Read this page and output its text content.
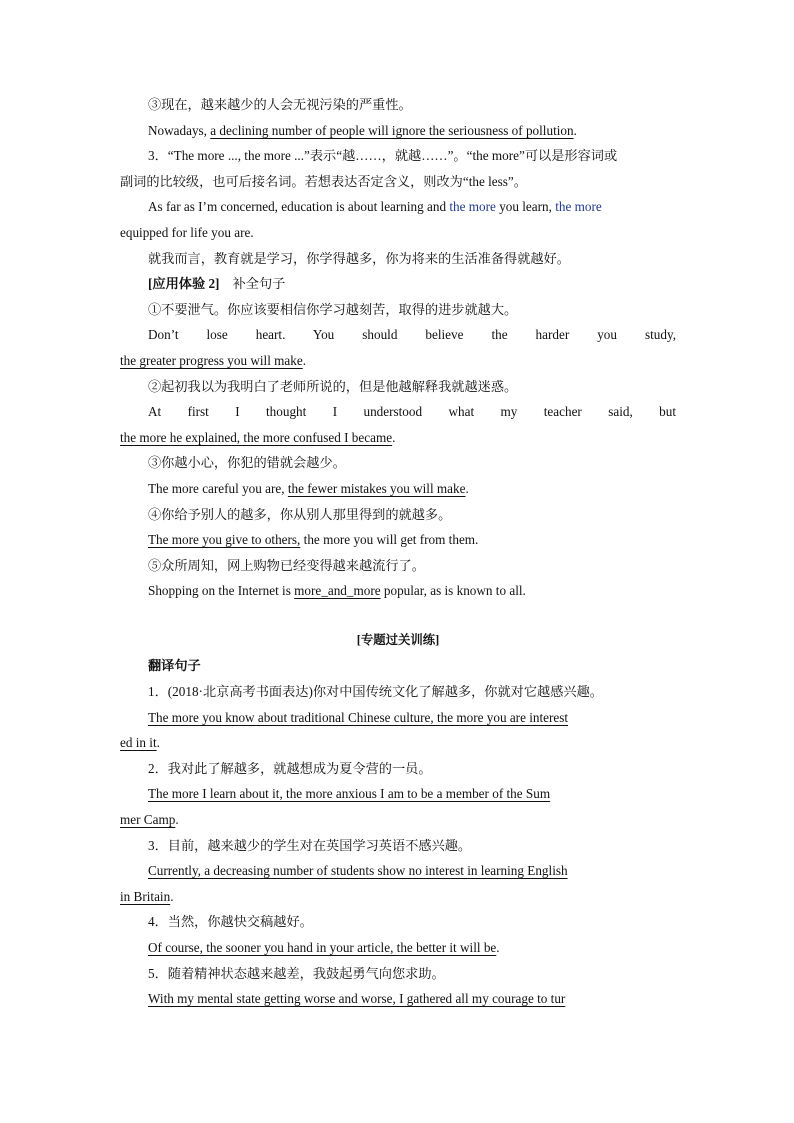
③现在，越来越少的人会无视污染的严重性。
Nowadays, a declining number of people will ignore the seriousness of pollution.
3．“The more ..., the more ...”表示“越……，就越……”。“the more”可以是形容词或
副词的比较级，也可后接名词。若想表达否定含义，则改为“the less”。
As far as I’m concerned, education is about learning and the more you learn, the more
equipped for life you are.
就我而言，教育就是学习，你学得越多，你为将来的生活准备得就越好。
[应用体验 2]　补全句子
①不要泄气。你应该要相信你学习越刻苦，取得的进步就越大。
Don’t lose heart. You should believe the harder you study,
the greater progress you will make.
②起初我以为我明白了老师所说的，但是他越解释我就越迷惑。
At first I thought I understood what my teacher said, but
the more he explained, the more confused I became.
③你越小心，你犯的错就会越少。
The more careful you are, the fewer mistakes you will make.
④你给予别人的越多，你从别人那里得到的就越多。
The more you give to others, the more you will get from them.
⑤众所周知，网上购物已经变得越来越流行了。
Shopping on the Internet is more_and_more popular, as is known to all.
[专题过关训练]
翻译句子
1．(2018·北京高考书面表达)你对中国传统文化了解越多，你就对它越感兴趣。
The more you know about traditional Chinese culture, the more you are interest
ed in it.
2．我对此了解越多，就越想成为夏令营的一员。
The more I learn about it, the more anxious I am to be a member of the Sum
mer Camp.
3．目前，越来越少的学生对在英国学习英语不感兴趣。
Currently, a decreasing number of students show no interest in learning English
in Britain.
4．当然，你越快交稿越好。
Of course, the sooner you hand in your article, the better it will be.
5．随着精神状态越来越差，我鼓起勇气向您求助。
With my mental state getting worse and worse, I gathered all my courage to tur
